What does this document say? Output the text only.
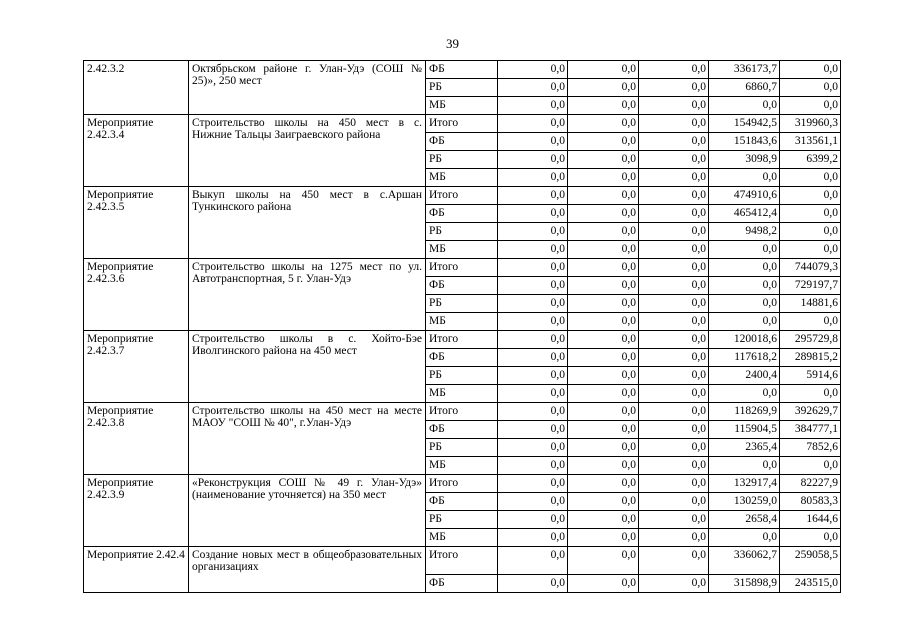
39
2.42.3.2	Октябрьском районе г. Улан-Удэ (СОШ № 25)», 250 мест	ФБ	0,0	0,0	0,0	336173,7	0,0
		РБ	0,0	0,0	0,0	6860,7	0,0
		МБ	0,0	0,0	0,0	0,0	0,0
Мероприятие 2.42.3.4	Строительство школы на 450 мест в с. Нижние Тальцы Заиграевского района	Итого	0,0	0,0	0,0	154942,5	319960,3
		ФБ	0,0	0,0	0,0	151843,6	313561,1
		РБ	0,0	0,0	0,0	3098,9	6399,2
		МБ	0,0	0,0	0,0	0,0	0,0
Мероприятие 2.42.3.5	Выкуп школы на 450 мест в с.Аршан Тункинского района	Итого	0,0	0,0	0,0	474910,6	0,0
		ФБ	0,0	0,0	0,0	465412,4	0,0
		РБ	0,0	0,0	0,0	9498,2	0,0
		МБ	0,0	0,0	0,0	0,0	0,0
Мероприятие 2.42.3.6	Строительство школы на 1275 мест по ул. Автотранспортная, 5 г. Улан-Удэ	Итого	0,0	0,0	0,0	0,0	744079,3
		ФБ	0,0	0,0	0,0	0,0	729197,7
		РБ	0,0	0,0	0,0	0,0	14881,6
		МБ	0,0	0,0	0,0	0,0	0,0
Мероприятие 2.42.3.7	Строительство школы в с. Хойто-Бэе Иволгинского района на 450 мест	Итого	0,0	0,0	0,0	120018,6	295729,8
		ФБ	0,0	0,0	0,0	117618,2	289815,2
		РБ	0,0	0,0	0,0	2400,4	5914,6
		МБ	0,0	0,0	0,0	0,0	0,0
Мероприятие 2.42.3.8	Строительство школы на 450 мест на месте МАОУ "СОШ № 40", г.Улан-Удэ	Итого	0,0	0,0	0,0	118269,9	392629,7
		ФБ	0,0	0,0	0,0	115904,5	384777,1
		РБ	0,0	0,0	0,0	2365,4	7852,6
		МБ	0,0	0,0	0,0	0,0	0,0
Мероприятие 2.42.3.9	«Реконструкция СОШ № 49 г. Улан-Удэ» (наименование уточняется) на 350 мест	Итого	0,0	0,0	0,0	132917,4	82227,9
		ФБ	0,0	0,0	0,0	130259,0	80583,3
		РБ	0,0	0,0	0,0	2658,4	1644,6
		МБ	0,0	0,0	0,0	0,0	0,0
Мероприятие 2.42.4	Создание новых мест в общеобразовательных организациях	Итого	0,0	0,0	0,0	336062,7	259058,5
		ФБ	0,0	0,0	0,0	315898,9	243515,0
